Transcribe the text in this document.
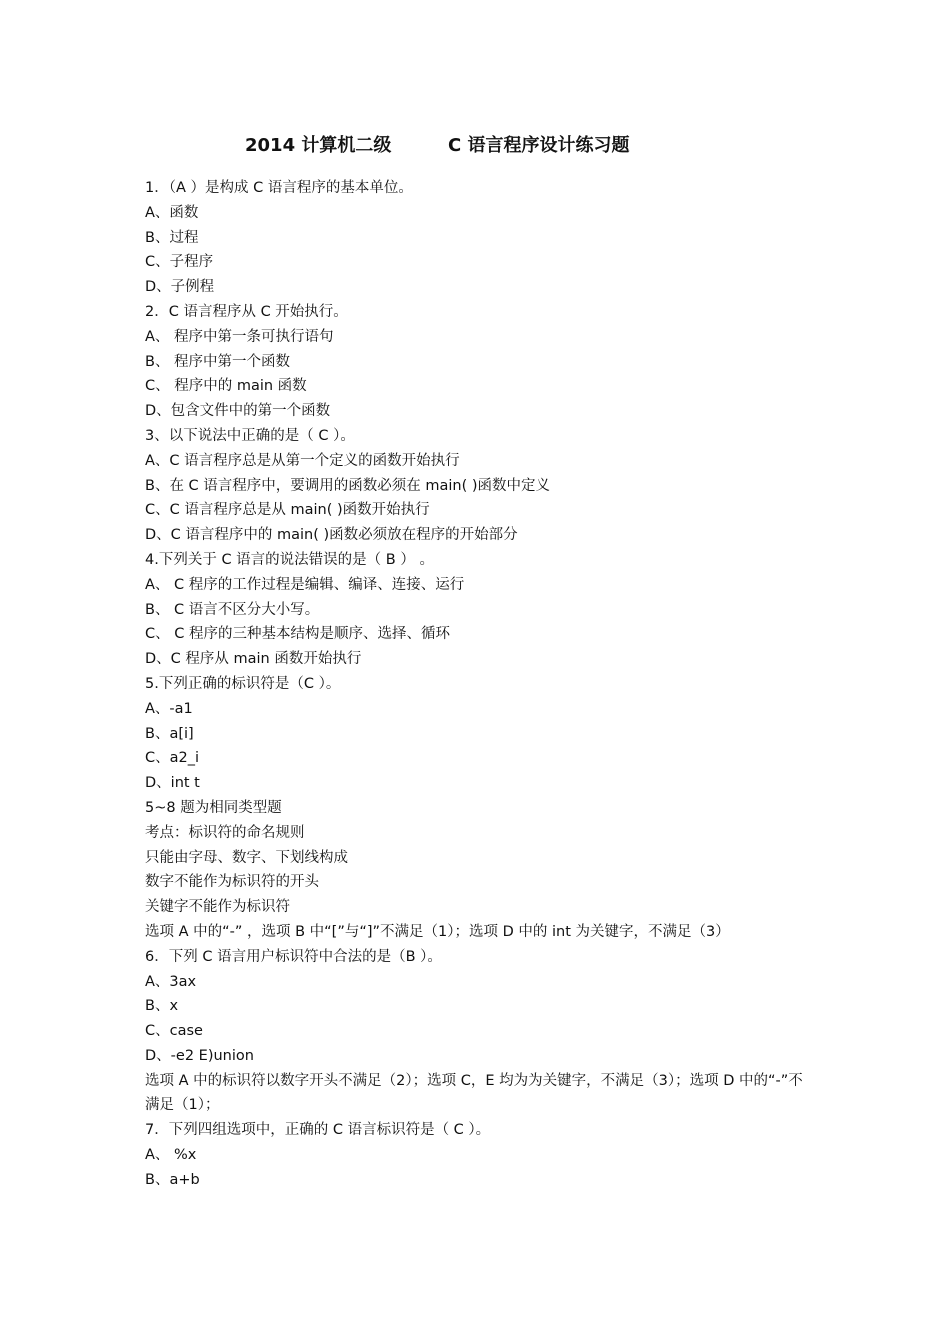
2014 计算机二级	C 语言程序设计练习题
1．（A ）是构成 C 语言程序的基本单位。
A、函数
B、过程
C、子程序
D、子例程
2．C 语言程序从 C 开始执行。
A、 程序中第一条可执行语句
B、 程序中第一个函数
C、 程序中的 main 函数
D、包含文件中的第一个函数
3、以下说法中正确的是（ C ）。
A、C 语言程序总是从第一个定义的函数开始执行
B、在 C 语言程序中，要调用的函数必须在 main( )函数中定义
C、C 语言程序总是从 main( )函数开始执行
D、C 语言程序中的 main( )函数必须放在程序的开始部分
4.下列关于 C 语言的说法错误的是（ B ） 。
A、 C 程序的工作过程是编辑、编译、连接、运行
B、 C 语言不区分大小写。
C、 C 程序的三种基本结构是顺序、选择、循环
D、C 程序从 main 函数开始执行
5.下列正确的标识符是（C ）。
A、-a1
B、a[i]
C、a2_i
D、int t
5~8 题为相同类型题
考点：标识符的命名规则
只能由字母、数字、下划线构成
数字不能作为标识符的开头
关键字不能作为标识符
选项 A 中的“-” ，选项 B 中“[”与“]”不满足（1）；选项 D 中的 int 为关键字，不满足（3）
6．下列 C 语言用户标识符中合法的是（B ）。
A、3ax
B、x
C、case
D、-e2 E)union
选项 A 中的标识符以数字开头不满足（2）；选项 C，E 均为为关键字，不满足（3）；选项 D 中的“-”不满足（1）；
7．下列四组选项中，正确的 C 语言标识符是（ C ）。
A、 %x
B、a+b
